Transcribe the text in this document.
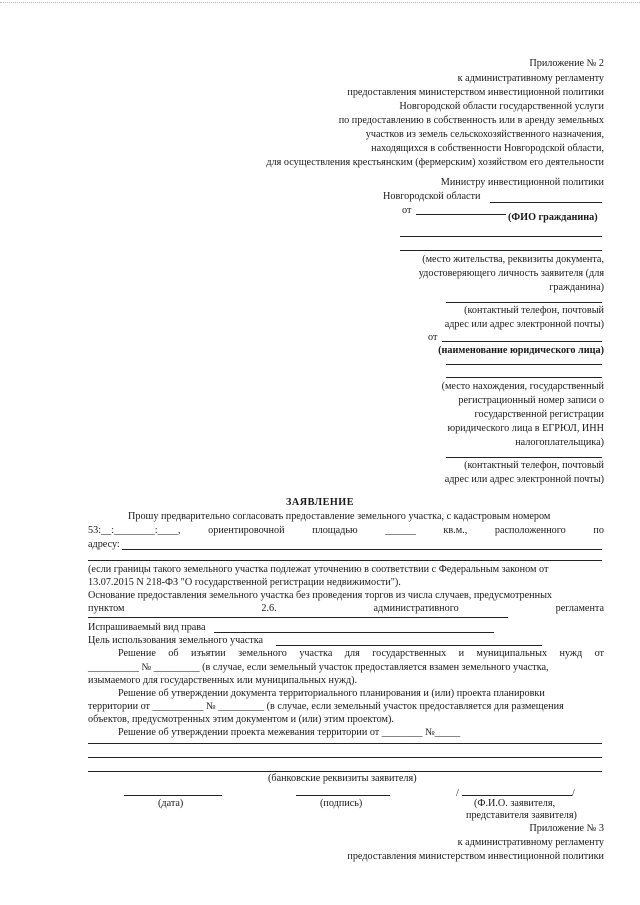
Приложение № 2
к административному регламенту
предоставления министерством инвестиционной политики
Новгородской области государственной услуги
по предоставлению в собственность или в аренду земельных
участков из земель сельскохозяйственного назначения,
находящихся в собственности Новгородской области,
для осуществления крестьянским (фермерским) хозяйством его деятельности
Министру инвестиционной политики
Новгородской области
от
(ФИО гражданина)
(место жительства, реквизиты документа,
удостоверяющего личность заявителя (для
гражданина)
(контактный телефон, почтовый
адрес или адрес электронной почты)
от
(наименование юридического лица)
(место нахождения, государственный
регистрационный номер записи о
государственной регистрации
юридического лица в ЕГРЮЛ, ИНН
налогоплательщика)
(контактный телефон, почтовый
адрес или адрес электронной почты)
ЗАЯВЛЕНИЕ
Прошу предварительно согласовать предоставление земельного участка, с кадастровым номером
53:__:________:____,	ориентировочной	площадью	______	кв.м.,	расположенного	по
адресу:
(если границы такого земельного участка подлежат уточнению в соответствии с Федеральным законом от
13.07.2015 N 218-ФЗ "О государственной регистрации недвижимости").
Основание предоставления земельного участка без проведения торгов из числа случаев, предусмотренных
пунктом	2.6.	административного	регламента
Испрашиваемый вид права
Цель использования земельного участка
Решение об изъятии земельного участка для государственных и муниципальных нужд от
__________ № _________ (в случае, если земельный участок предоставляется взамен земельного участка,
изымаемого для государственных или муниципальных нужд).
Решение об утверждении документа территориального планирования и (или) проекта планировки
территории от __________ № _________ (в случае, если земельный участок предоставляется для размещения
объектов, предусмотренных этим документом и (или) этим проектом).
Решение об утверждении проекта межевания территории от ________ №_____
(банковские реквизиты заявителя)
/	/
(дата)	(подпись)	(Ф.И.О. заявителя,
представителя заявителя)
Приложение № 3
к административному регламенту
предоставления министерством инвестиционной политики
